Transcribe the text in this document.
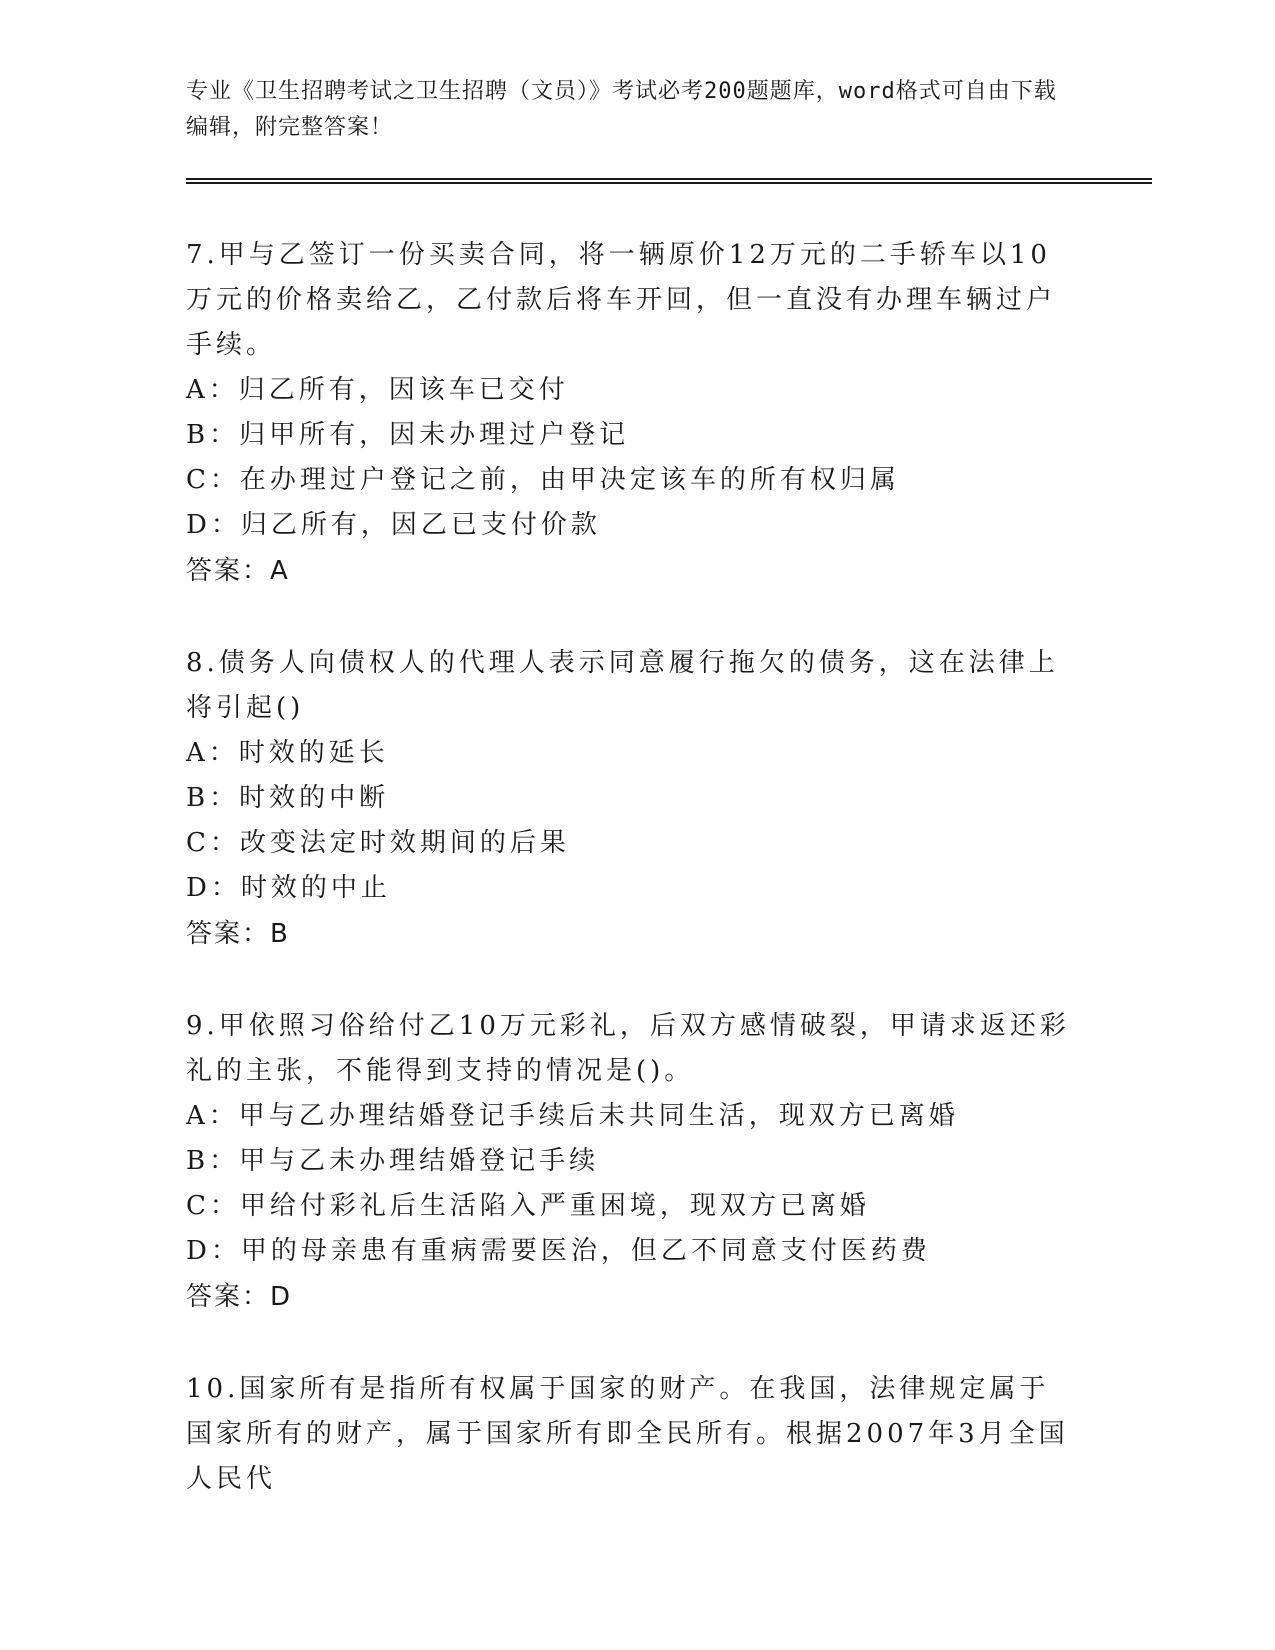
专业《卫生招聘考试之卫生招聘（文员）》考试必考200题题库，word格式可自由下载编辑，附完整答案！

7.甲与乙签订一份买卖合同，将一辆原价12万元的二手轿车以10万元的价格卖给乙，乙付款后将车开回，但一直没有办理车辆过户手续。

A：归乙所有，因该车已交付

B：归甲所有，因未办理过户登记

C：在办理过户登记之前，由甲决定该车的所有权归属

D：归乙所有，因乙已支付价款

答案：A

8.债务人向债权人的代理人表示同意履行拖欠的债务，这在法律上将引起()

A：时效的延长

B：时效的中断

C：改变法定时效期间的后果

D：时效的中止

答案：B

9.甲依照习俗给付乙10万元彩礼，后双方感情破裂，甲请求返还彩礼的主张，不能得到支持的情况是()。

A：甲与乙办理结婚登记手续后未共同生活，现双方已离婚

B：甲与乙未办理结婚登记手续

C：甲给付彩礼后生活陷入严重困境，现双方已离婚

D：甲的母亲患有重病需要医治，但乙不同意支付医药费

答案：D

10.国家所有是指所有权属于国家的财产。在我国，法律规定属于国家所有的财产，属于国家所有即全民所有。根据2007年3月全国人民代
